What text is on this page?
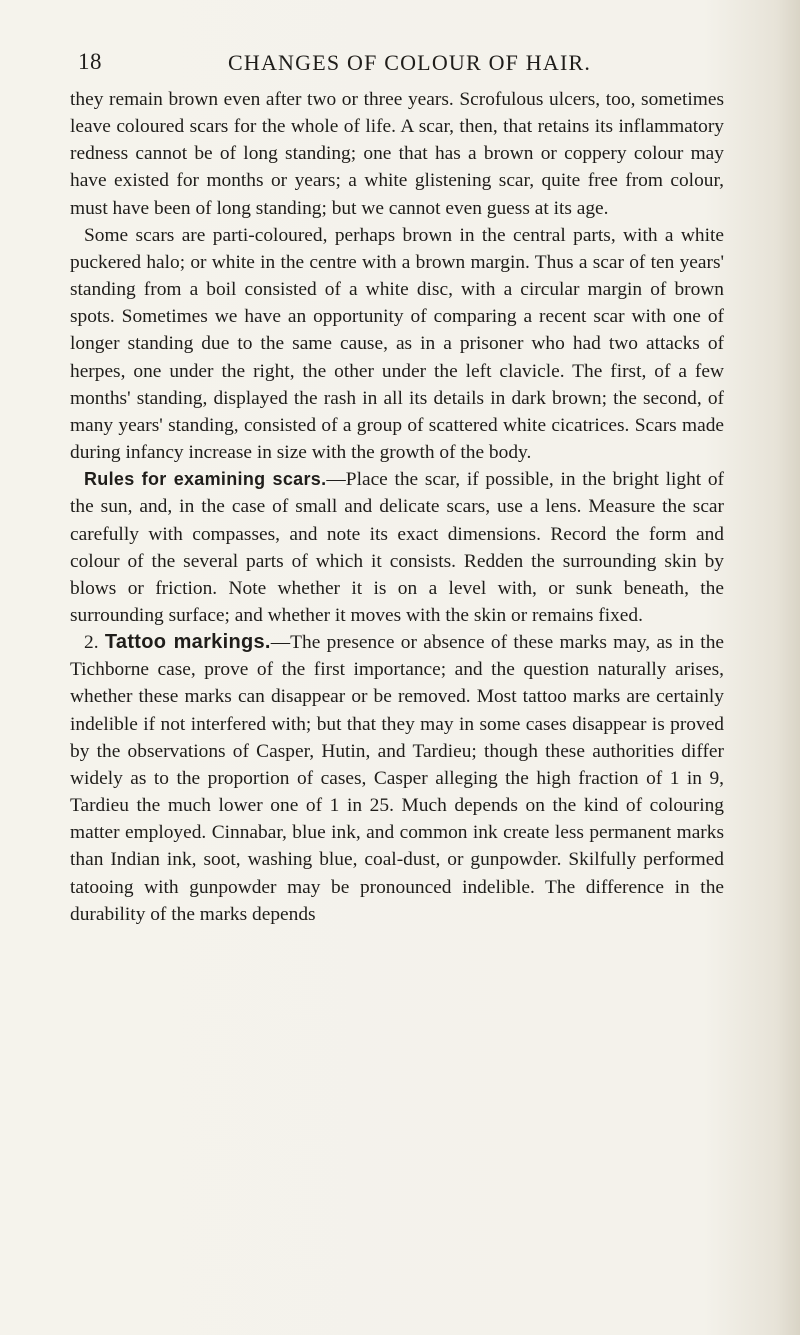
18	CHANGES OF COLOUR OF HAIR.

they remain brown even after two or three years. Scrofulous ulcers, too, sometimes leave coloured scars for the whole of life. A scar, then, that retains its inflammatory redness cannot be of long standing; one that has a brown or coppery colour may have existed for months or years; a white glistening scar, quite free from colour, must have been of long standing; but we cannot even guess at its age.

Some scars are parti-coloured, perhaps brown in the central parts, with a white puckered halo; or white in the centre with a brown margin. Thus a scar of ten years' standing from a boil consisted of a white disc, with a circular margin of brown spots. Sometimes we have an opportunity of comparing a recent scar with one of longer standing due to the same cause, as in a prisoner who had two attacks of herpes, one under the right, the other under the left clavicle. The first, of a few months' standing, displayed the rash in all its details in dark brown; the second, of many years' standing, consisted of a group of scattered white cicatrices. Scars made during infancy increase in size with the growth of the body.

Rules for examining scars.—Place the scar, if possible, in the bright light of the sun, and, in the case of small and delicate scars, use a lens. Measure the scar carefully with compasses, and note its exact dimensions. Record the form and colour of the several parts of which it consists. Redden the surrounding skin by blows or friction. Note whether it is on a level with, or sunk beneath, the surrounding surface; and whether it moves with the skin or remains fixed.

2. Tattoo markings.—The presence or absence of these marks may, as in the Tichborne case, prove of the first importance; and the question naturally arises, whether these marks can disappear or be removed. Most tattoo marks are certainly indelible if not interfered with; but that they may in some cases disappear is proved by the observations of Casper, Hutin, and Tardieu; though these authorities differ widely as to the proportion of cases, Casper alleging the high fraction of 1 in 9, Tardieu the much lower one of 1 in 25. Much depends on the kind of colouring matter employed. Cinnabar, blue ink, and common ink create less permanent marks than Indian ink, soot, washing blue, coal-dust, or gunpowder. Skilfully performed tatooing with gunpowder may be pronounced indelible. The difference in the durability of the marks depends
